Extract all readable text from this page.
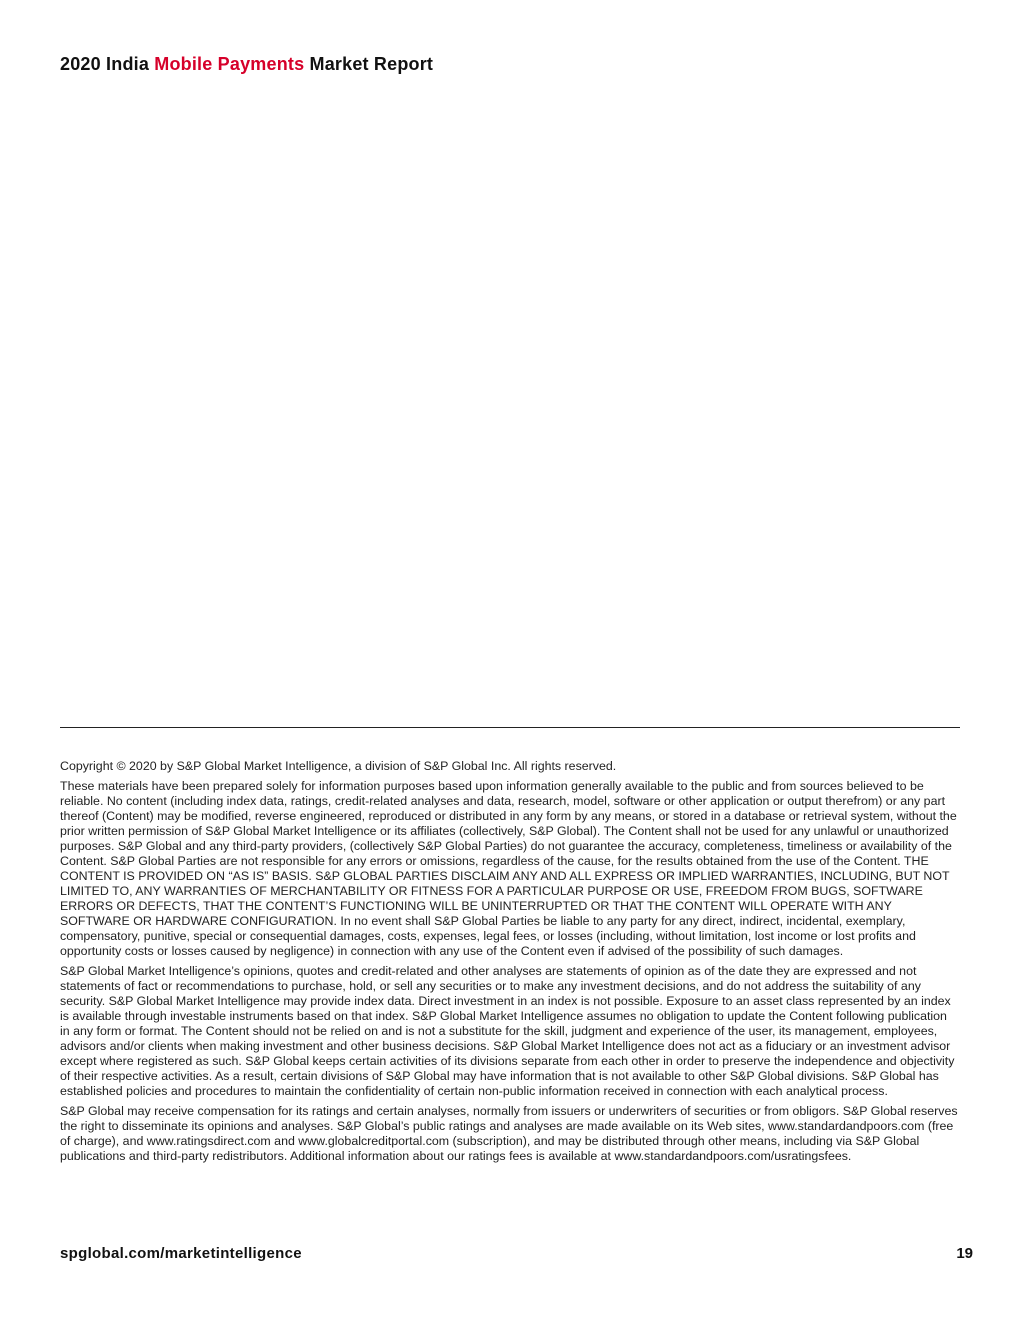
2020 India Mobile Payments Market Report

Copyright © 2020 by S&P Global Market Intelligence, a division of S&P Global Inc. All rights reserved.

These materials have been prepared solely for information purposes based upon information generally available to the public and from sources believed to be reliable. No content (including index data, ratings, credit-related analyses and data, research, model, software or other application or output therefrom) or any part thereof (Content) may be modified, reverse engineered, reproduced or distributed in any form by any means, or stored in a database or retrieval system, without the prior written permission of S&P Global Market Intelligence or its affiliates (collectively, S&P Global). The Content shall not be used for any unlawful or unauthorized purposes. S&P Global and any third-party providers, (collectively S&P Global Parties) do not guarantee the accuracy, completeness, timeliness or availability of the Content. S&P Global Parties are not responsible for any errors or omissions, regardless of the cause, for the results obtained from the use of the Content. THE CONTENT IS PROVIDED ON “AS IS” BASIS. S&P GLOBAL PARTIES DISCLAIM ANY AND ALL EXPRESS OR IMPLIED WARRANTIES, INCLUDING, BUT NOT LIMITED TO, ANY WARRANTIES OF MERCHANTABILITY OR FITNESS FOR A PARTICULAR PURPOSE OR USE, FREEDOM FROM BUGS, SOFTWARE ERRORS OR DEFECTS, THAT THE CONTENT’S FUNCTIONING WILL BE UNINTERRUPTED OR THAT THE CONTENT WILL OPERATE WITH ANY SOFTWARE OR HARDWARE CONFIGURATION. In no event shall S&P Global Parties be liable to any party for any direct, indirect, incidental, exemplary, compensatory, punitive, special or consequential damages, costs, expenses, legal fees, or losses (including, without limitation, lost income or lost profits and opportunity costs or losses caused by negligence) in connection with any use of the Content even if advised of the possibility of such damages.

S&P Global Market Intelligence’s opinions, quotes and credit-related and other analyses are statements of opinion as of the date they are expressed and not statements of fact or recommendations to purchase, hold, or sell any securities or to make any investment decisions, and do not address the suitability of any security. S&P Global Market Intelligence may provide index data. Direct investment in an index is not possible. Exposure to an asset class represented by an index is available through investable instruments based on that index. S&P Global Market Intelligence assumes no obligation to update the Content following publication in any form or format. The Content should not be relied on and is not a substitute for the skill, judgment and experience of the user, its management, employees, advisors and/or clients when making investment and other business decisions. S&P Global Market Intelligence does not act as a fiduciary or an investment advisor except where registered as such. S&P Global keeps certain activities of its divisions separate from each other in order to preserve the independence and objectivity of their respective activities. As a result, certain divisions of S&P Global may have information that is not available to other S&P Global divisions. S&P Global has established policies and procedures to maintain the confidentiality of certain non-public information received in connection with each analytical process.

S&P Global may receive compensation for its ratings and certain analyses, normally from issuers or underwriters of securities or from obligors. S&P Global reserves the right to disseminate its opinions and analyses. S&P Global’s public ratings and analyses are made available on its Web sites, www.standardandpoors.com (free of charge), and www.ratingsdirect.com and www.globalcreditportal.com (subscription), and may be distributed through other means, including via S&P Global publications and third-party redistributors. Additional information about our ratings fees is available at www.standardandpoors.com/usratingsfees.

spglobal.com/marketintelligence	19
